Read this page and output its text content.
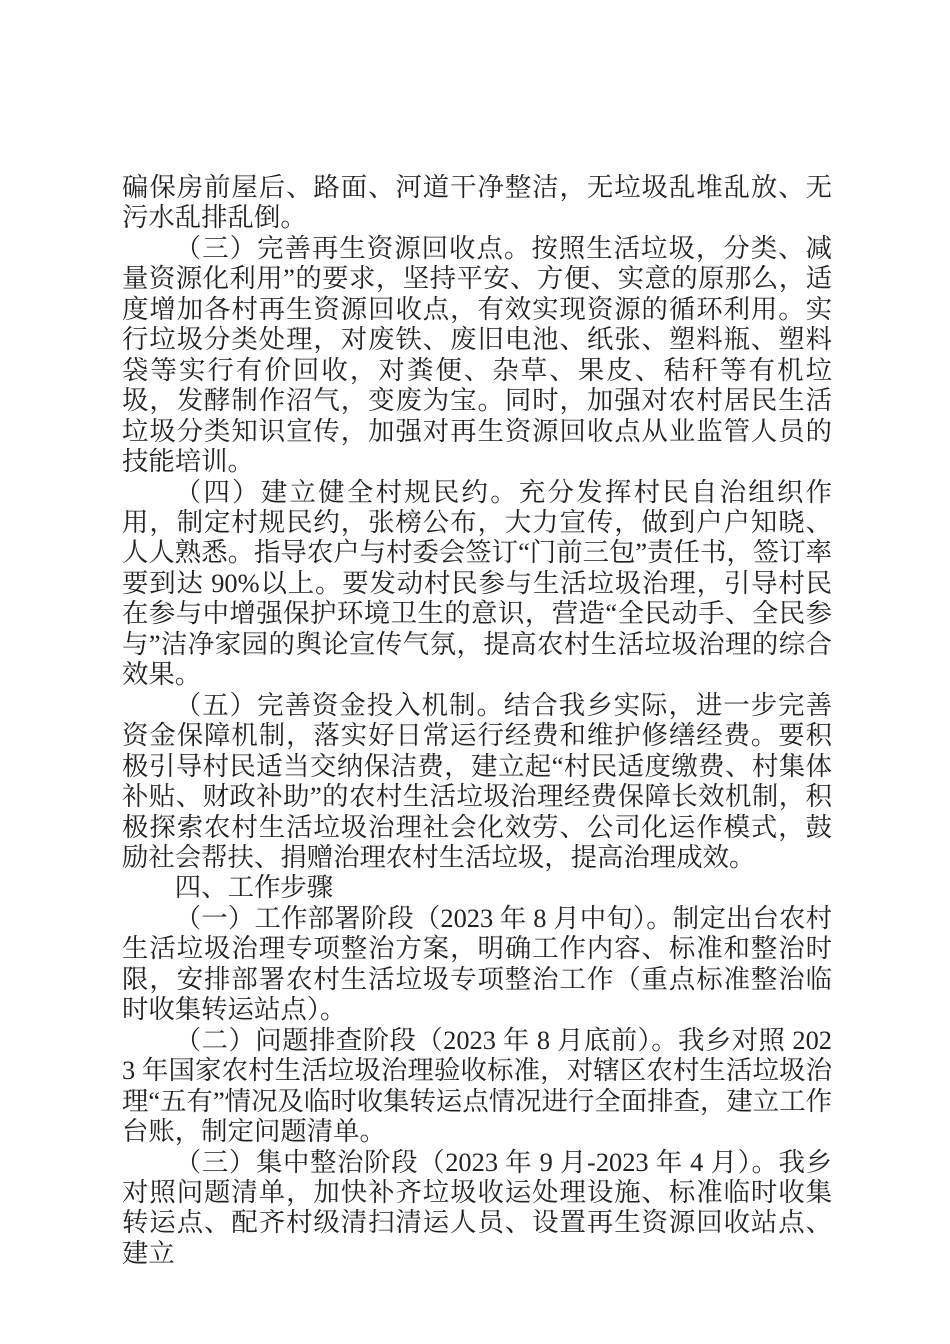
碥保房前屋后、路面、河道干净整洁，无垃圾乱堆乱放、无污水乱排乱倒。

（三）完善再生资源回收点。按照生活垃圾，分类、减量资源化利用”的要求，坚持平安、方便、实意的原那么，适度增加各村再生资源回收点，有效实现资源的循环利用。实行垃圾分类处理，对废铁、废旧电池、纸张、塑料瓶、塑料袋等实行有价回收，对粪便、杂草、果皮、秸秆等有机垃圾，发酵制作沼气，变废为宝。同时，加强对农村居民生活垃圾分类知识宣传，加强对再生资源回收点从业监管人员的技能培训。

（四）建立健全村规民约。充分发挥村民自治组织作用，制定村规民约，张榜公布，大力宣传，做到户户知晓、人人熟悉。指导农户与村委会签订“门前三包”责任书，签订率要到达 90%以上。要发动村民参与生活垃圾治理，引导村民在参与中增强保护环境卫生的意识，营造“全民动手、全民参与”洁净家园的舆论宣传气氛，提高农村生活垃圾治理的综合效果。

（五）完善资金投入机制。结合我乡实际，进一步完善资金保障机制，落实好日常运行经费和维护修缮经费。要积极引导村民适当交纳保洁费，建立起“村民适度缴费、村集体补贴、财政补助”的农村生活垃圾治理经费保障长效机制，积极探索农村生活垃圾治理社会化效劳、公司化运作模式，鼓励社会帮扶、捐赠治理农村生活垃圾，提高治理成效。

四、工作步骤

（一）工作部署阶段（2023 年 8 月中旬）。制定出台农村生活垃圾治理专项整治方案，明确工作内容、标准和整治时限，安排部署农村生活垃圾专项整治工作（重点标准整治临时收集转运站点）。

（二）问题排查阶段（2023 年 8 月底前）。我乡对照 2023 年国家农村生活垃圾治理验收标准，对辖区农村生活垃圾治理“五有”情况及临时收集转运点情况进行全面排查，建立工作台账，制定问题清单。

（三）集中整治阶段（2023 年 9 月-2023 年 4 月）。我乡对照问题清单，加快补齐垃圾收运处理设施、标准临时收集转运点、配齐村级清扫清运人员、设置再生资源回收站点、建立
